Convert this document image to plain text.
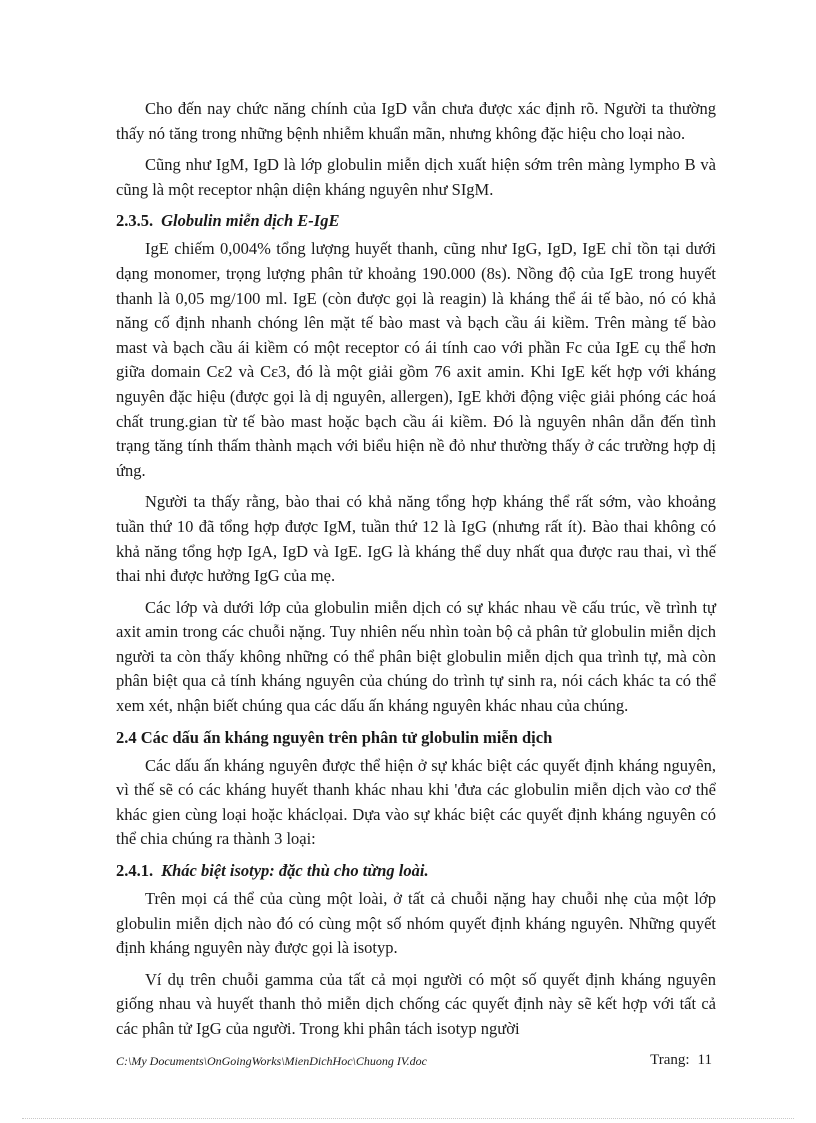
Cho đến nay chức năng chính của IgD vẫn chưa được xác định rõ. Người ta thường thấy nó tăng trong những bệnh nhiễm khuẩn mãn, nhưng không đặc hiệu cho loại nào.

Cũng như IgM, IgD là lớp globulin miễn dịch xuất hiện sớm trên màng lympho B và cũng là một receptor nhận diện kháng nguyên như SIgM.

2.3.5. Globulin miễn dịch E-IgE

IgE chiếm 0,004% tổng lượng huyết thanh, cũng như IgG, IgD, IgE chỉ tồn tại dưới dạng monomer, trọng lượng phân tử khoảng 190.000 (8s). Nồng độ của IgE trong huyết thanh là 0,05 mg/100 ml. IgE (còn được gọi là reagin) là kháng thể ái tế bào, nó có khả năng cố định nhanh chóng lên mặt tế bào mast và bạch cầu ái kiềm. Trên màng tế bào mast và bạch cầu ái kiềm có một receptor có ái tính cao với phần Fc của IgE cụ thể hơn giữa domain Cε2 và Cε3, đó là một giải gồm 76 axit amin. Khi IgE kết hợp với kháng nguyên đặc hiệu (được gọi là dị nguyên, allergen), IgE khởi động việc giải phóng các hoá chất trung.gian từ tế bào mast hoặc bạch cầu ái kiềm. Đó là nguyên nhân dẫn đến tình trạng tăng tính thấm thành mạch với biểu hiện nề đỏ như thường thấy ở các trường hợp dị ứng.

Người ta thấy rằng, bào thai có khả năng tổng hợp kháng thể rất sớm, vào khoảng tuần thứ 10 đã tổng hợp được IgM, tuần thứ 12 là IgG (nhưng rất ít). Bào thai không có khả năng tổng hợp IgA, IgD và IgE. IgG là kháng thể duy nhất qua được rau thai, vì thế thai nhi được hưởng IgG của mẹ.

Các lớp và dưới lớp của globulin miễn dịch có sự khác nhau về cấu trúc, về trình tự axit amin trong các chuỗi nặng. Tuy nhiên nếu nhìn toàn bộ cả phân tử globulin miễn dịch người ta còn thấy không những có thể phân biệt globulin miễn dịch qua trình tự, mà còn phân biệt qua cả tính kháng nguyên của chúng do trình tự sinh ra, nói cách khác ta có thể xem xét, nhận biết chúng qua các dấu ấn kháng nguyên khác nhau của chúng.

2.4 Các dấu ấn kháng nguyên trên phân tử globulin miễn dịch

Các dấu ấn kháng nguyên được thể hiện ở sự khác biệt các quyết định kháng nguyên, vì thế sẽ có các kháng huyết thanh khác nhau khi 'đưa các globulin miễn dịch vào cơ thể khác gien cùng loại hoặc kháclọai. Dựa vào sự khác biệt các quyết định kháng nguyên có thể chia chúng ra thành 3 loại:

2.4.1. Khác biệt isotyp: đặc thù cho từng loài.

Trên mọi cá thể của cùng một loài, ở tất cả chuỗi nặng hay chuỗi nhẹ của một lớp globulin miễn dịch nào đó có cùng một số nhóm quyết định kháng nguyên. Những quyết định kháng nguyên này được gọi là isotyp.

Ví dụ trên chuỗi gamma của tất cả mọi người có một số quyết định kháng nguyên giống nhau và huyết thanh thỏ miễn dịch chống các quyết định này sẽ kết hợp với tất cả các phân tử IgG của người. Trong khi phân tách isotyp người

C:\My Documents\OnGoingWorks\MienDichHoc\Chuong IV.doc	Trang: 11
